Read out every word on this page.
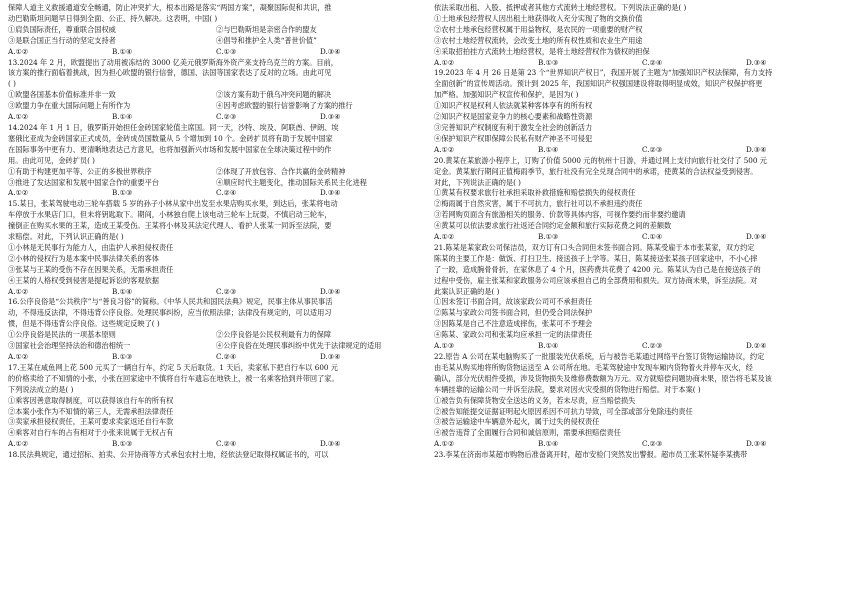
保障人道主义救援通道安全畅通，防止冲突扩大，根本出路是落实“两国方案”，凝聚国际促和共识，推
动巴勒斯坦问题早日得到全面、公正、持久解决。这表明，中国( )
①肩负国际责任，尊重联合国权威	②与巴勒斯坦是亲密合作的盟友
③是联合国正当行动的坚定支持者	④倡导和推护全人类“普世价值”
A.①②	B.①④	C.①③	D.③④
13.2024 年 2 月，欧盟提出了动用被冻结的 3000 亿美元俄罗斯海外资产来支持乌克兰的方案。目前，
该方案的推行面临着挑战，因为担心欧盟的银行信誉，德国、法国等国家表达了反对的立场。由此可见
( )
①欧盟各国基本价值标准并非一致	②该方案有助于俄乌冲突问题的解决
③欧盟力争在重大国际问题上有所作为	④因考虑欧盟的银行信誉影响了方案的推行
A.①②	B.①④	C.②③	D.③④
14.2024 年 1 月 1 日，俄罗斯开始担任金砖国家轮值主席国。同一天，沙特、埃及、阿联酋、伊朗、埃
塞俄比亚成为金砖国家正式成员，金砖成员国数量从 5 个增加到 10 个。金砖扩员将有助于发展中国家
在国际事务中更有力、更清晰地表达己方意见，也将加强新兴市场和发展中国家在全球决策过程中的作
用。由此可见，金砖扩员( )
①有助于构建更加平等、公正的多极世界秩序	②体现了开放包容、合作共赢的金砖精神
③推进了发达国家和发展中国家合作的重要平台	④顺应时代主题变化，推动国际关系民主化进程
A.①②	B.①③	C.②④	D.③④
15.某日，张某驾驶电动三轮车搭载 5 岁的孙子小林从家中出发至水果店购买水果，到达后，张某将电动
车停放于水果店门口，但未将钥匙取下。期间，小林独自爬上该电动三轮车上玩耍，不慎启动三轮车，
撞倒正在购买水果的王某，造成王某受伤。王某将小林及其法定代理人、看护人张某一同诉至法院，要
求赔偿。对此，下列认识正确的是( )
①小林是无民事行为能力人，由监护人承担侵权责任
②小林的侵权行为是本案中民事法律关系的客体
③张某与王某的受伤不存在因果关系，无需承担责任
④王某的人格权受到侵害是提起诉讼的客观依据
A.①②	B.①④	C.②③	D.③④
16.公序良俗是“公共秩序”与“善良习俗”的简称。《中华人民共和国民法典》规定，民事主体从事民事活
动，不得违反法律，不得违背公序良俗。处理民事纠纷，应当依照法律；法律没有规定的，可以适用习
惯，但是不得违背公序良俗。这些规定反映了( )
①公序良俗是民法的一项基本原则	②公序良俗是公民权利最有力的保障
③国家社会治理坚持法治和德治相统一	④公序良俗在处理民事纠纷中优先于法律规定的适用
A.①②	B.①③	C.②④	D.③④
17.王某在咸鱼网上花 500 元买了一辆自行车，约定 5 天后取货。1 天后，卖家私下把自行车以 600 元
的价格卖给了不知情的小张，小张在回家途中不慎将自行车遗忘在地铁上，被一名乘客拾到并带回了家。
下列说法成立的是( )
①乘客因善意取得制度，可以获得该自行车的所有权
②本案小张作为不知情的第三人，无需承担法律责任
③卖家承担侵权责任，王某可要求卖家返还自行车款
④乘客对自行车的占有相对于小张来说属于无权占有
A.①②	B.①③	C.②④	D.③④
18.民法典规定，通过招标、拍卖、公开协商等方式承包农村土地，经依法登记取得权属证书的，可以
依法采取出租、入股、抵押或者其他方式流转土地经营权。下列说法正确的是( )
①土地承包经营权人因出租土地获得收入充分实现了物的交换价值
②农村土地承包经营权属于用益物权，是农民的一项重要的财产权
③农村土地经营权流转，会改变土地的所有权性质和农业生产用途
④采取招拍挂方式流转土地经营权，是将土地经营权作为债权的担保
A.①②	B.①③	C.②④	D.③④
19.2023 年 4 月 26 日是第 23 个“世界知识产权日”，我国开展了主题为“加强知识产权法保障，有力支持
全面创新”的宣传周活动。预计到 2025 年，我国知识产权强国建设将取得明显成效，知识产权保护将更
加严格。加强知识产权宣传和保护，是因为( )
①知识产权是权利人依法就某种客体享有的所有权
②知识产权是国家竞争力的核心要素和战略性资源
③完善知识产权制度有利于激发全社会的创新活力
④保护知识产权即保障公民私有财产神圣不可侵犯
A.①②	B.①④	C.②③	D.③④
20.黄某在某旅游小程序上，订购了价值 5000 元的杭州十日游，并通过网上支付向旅行社交付了 500 元
定金。黄某旅行期间正值梅雨季节，旅行社没有完全兑现合同中的承诺，使黄某的合法权益受到侵害。
对此，下列说法正确的是( )
①黄某有权要求旅行社承担采取补救措施和赔偿损失的侵权责任
②梅雨属于自然灾害，属于不可抗力，旅行社可以不承担违约责任
③若网购页面含有旅游相关的服务、价款等具体内容，可视作要约而非要约邀请
④黄某可以依法要求旅行社返还合同约定金额和旅行实际花费之间的差额数
A.①②	B.①③	C.①④	D.③④
21.陈某是某家政公司保洁员，双方订有口头合同但未签书面合同。陈某受雇于本市张某家，双方约定
陈某的主要工作是：做饭、打扫卫生、接送孩子上学等。某日，陈某接送张某孩子回家途中，不小心摔
了一跤，造成腕骨骨折，在家休息了 4 个月，医药费共花费了 4200 元。陈某认为自己是在接送孩子的
过程中受伤，雇主张某和家政服务公司应该承担自己的全部费用和损失。双方协商未果，诉至法院。对
此案认识正确的是( )
①因未签订书面合同，故该家政公司可不承担责任
②陈某与家政公司签书面合同，但仍受合同法保护
③因陈某是自己不注意造成摔伤，张某可不予理会
④陈某、家政公司和张某均应承担一定的法律责任
A.①③	B.①④	C.②③	D.②④
22.原告 A 公司在某电脑购买了一批服装光伏系统，后与被告毛某通过网络平台签订货物运输协议，约定
由毛某从购买地将所购货物运送至 A 公司所在地。毛某驾驶途中发现车厢内货物着火并停车灭火，经
确认，部分光伏组件受损，涉及货物损失及维修费数额为万元。双方就赔偿问题协商未果，原告将毛某及该
车辆挂靠的运输公司一并诉至法院，要求对因火灾受损的货物进行赔偿。对于本案( )
①被告负有保障货物安全送达的义务，若未尽责，应当赔偿损失
②被告知能提交证据证明起火原因系因不可抗力导致，可全部或部分免除违约责任
③被告运输途中车辆意外起火，属于过失的侵权责任
④被告违背了全面履行合同和诚信原则，需要承担赔偿责任
A.①②	B.①④	C.②③	D.③④
23.李某在济南市某超市购物后准备离开时，超市安检门突然发出警报。超市员工张某怀疑李某携带
